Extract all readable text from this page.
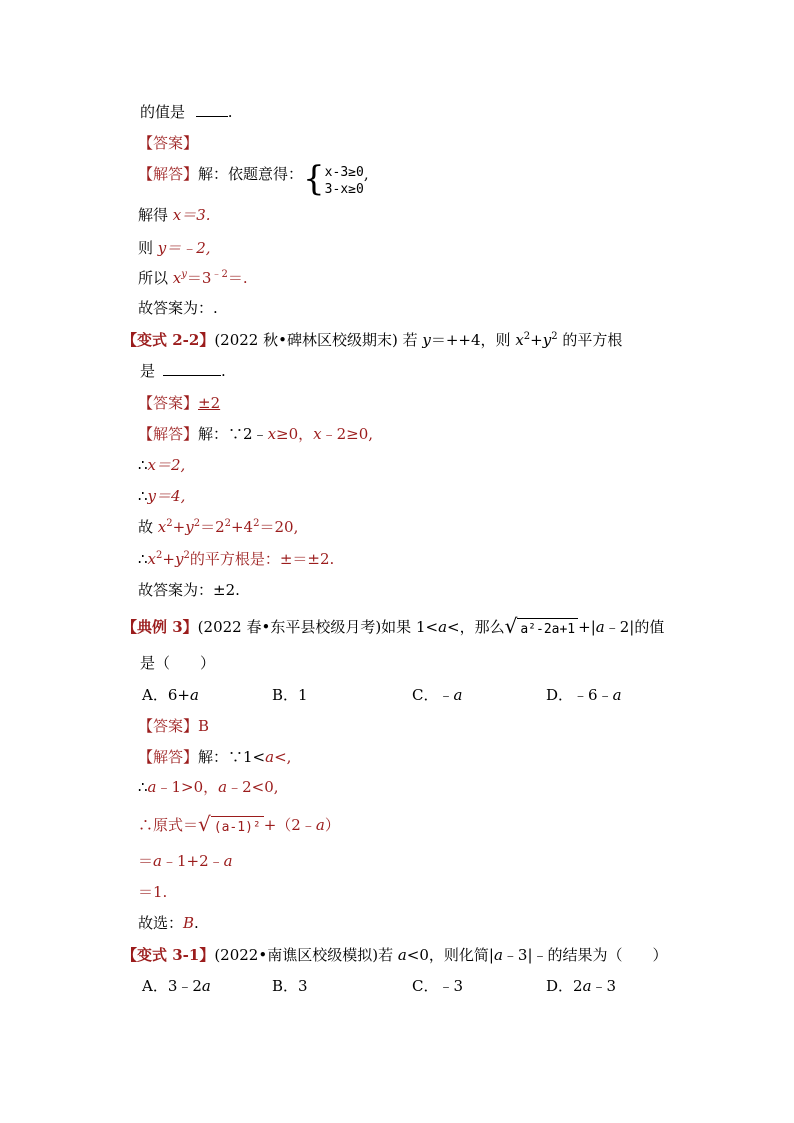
的值是	.
【答案】
【解答】解：依题意得：{ x-3≥0
3-x≥0
,
解得 x＝3.
则 y＝﹣2,
所以 $x^y=3^{﹣2}=$.
故答案为：.
【变式 2-2】(2022 秋•碑林区校级期末) 若 y＝++4，则 $x^2+y^2$ 的平方根
是	.
【答案】±2
【解答】解：∵2﹣x≥0，x﹣2≥0,
∴x＝2,
∴y＝4,
故 $x^2+y^2=2^2+4^2=20$,
$\therefore x^2+y^2$的平方根是：±＝±2.
故答案为：±2.
【典例 3】(2022 春•东平县校级月考)如果 1<a<，那么√ a²-2a+1 +|a﹣2|的值
是（　　）
A．6+a	B．1	C．﹣a	D．﹣6﹣a
【答案】B
【解答】解：∵1<a<,
∴a﹣1>0，a﹣2<0,
∴原式＝√ (a-1)² +（2﹣a）
＝a﹣1+2﹣a
＝1.
故选：B.
【变式 3-1】(2022•南谯区校级模拟)若 a<0，则化简|a﹣3|﹣的结果为（　　）
A．3﹣2a	B．3	C．﹣3	D．2a﹣3
